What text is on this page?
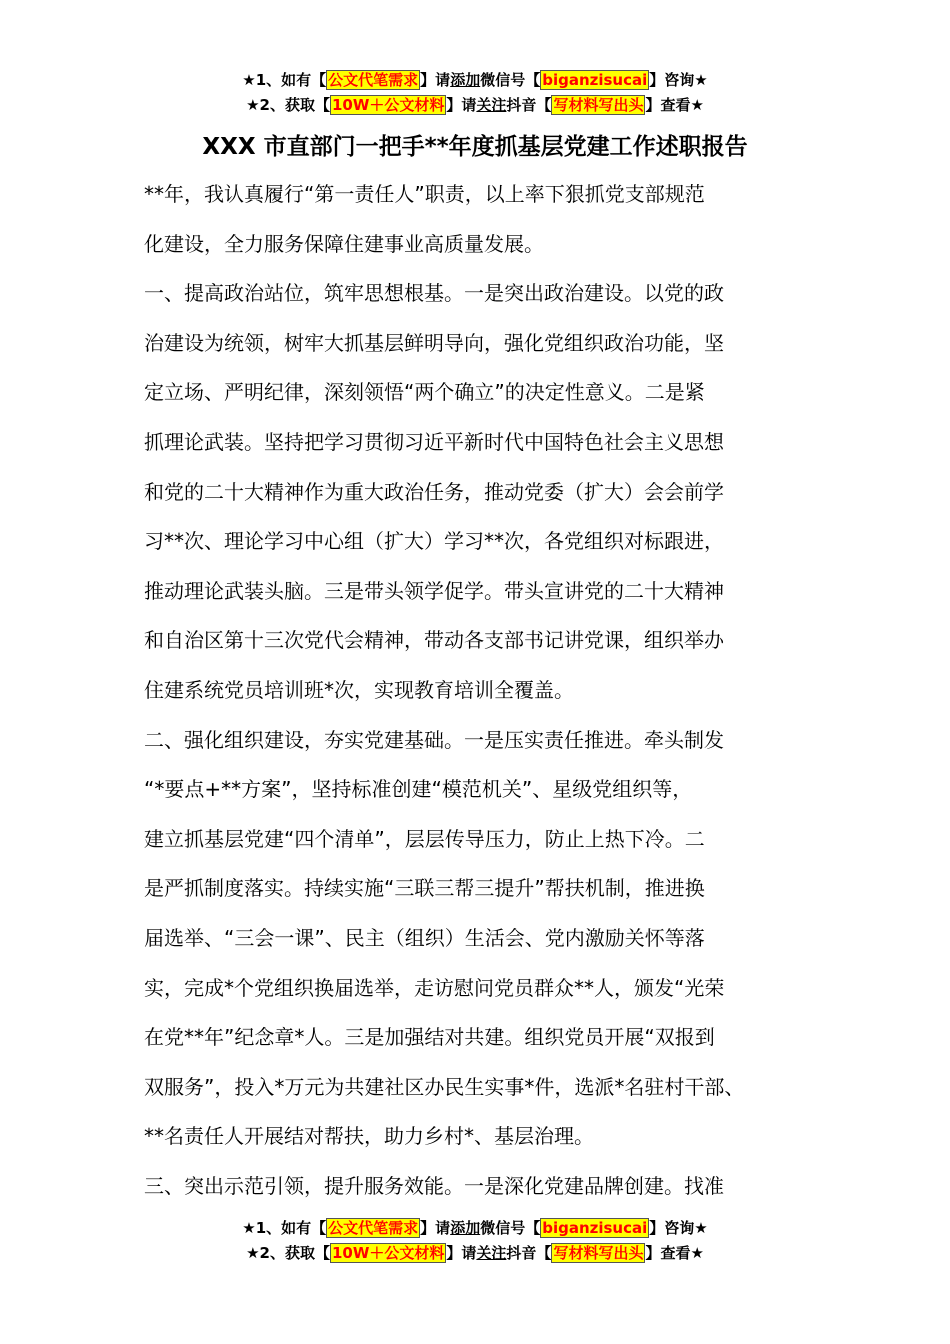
★1、如有【 公文代笔需求 】请添加微信号【 biganzisucai 】咨询★
★2、获取【 10W＋公文材料 】请关注抖音【 写材料写出头 】查看★
XXX 市直部门一把手**年度抓基层党建工作述职报告
**年，我认真履行“第一责任人”职责，以上率下狠抓党支部规范
化建设，全力服务保障住建事业高质量发展。
一、提高政治站位，筑牢思想根基。一是突出政治建设。以党的政
治建设为统领，树牢大抓基层鲜明导向，强化党组织政治功能，坚
定立场、严明纪律，深刻领悟“两个确立”的决定性意义。二是紧
抓理论武装。坚持把学习贯彻习近平新时代中国特色社会主义思想
和党的二十大精神作为重大政治任务，推动党委（扩大）会会前学
习**次、理论学习中心组（扩大）学习**次，各党组织对标跟进，
推动理论武装头脑。三是带头领学促学。带头宣讲党的二十大精神
和自治区第十三次党代会精神，带动各支部书记讲党课，组织举办
住建系统党员培训班*次，实现教育培训全覆盖。
二、强化组织建设，夯实党建基础。一是压实责任推进。牵头制发
“*要点+**方案”，坚持标准创建“模范机关”、星级党组织等，
建立抓基层党建“四个清单”，层层传导压力，防止上热下冷。二
是严抓制度落实。持续实施“三联三帮三提升”帮扶机制，推进换
届选举、“三会一课”、民主（组织）生活会、党内激励关怀等落
实，完成*个党组织换届选举，走访慰问党员群众**人，颁发“光荣
在党**年”纪念章*人。三是加强结对共建。组织党员开展“双报到
双服务”，投入*万元为共建社区办民生实事*件，选派*名驻村干部、
**名责任人开展结对帮扶，助力乡村*、基层治理。
三、突出示范引领，提升服务效能。一是深化党建品牌创建。找准
★1、如有【 公文代笔需求 】请添加微信号【 biganzisucai 】咨询★
★2、获取【 10W＋公文材料 】请关注抖音【 写材料写出头 】查看★
